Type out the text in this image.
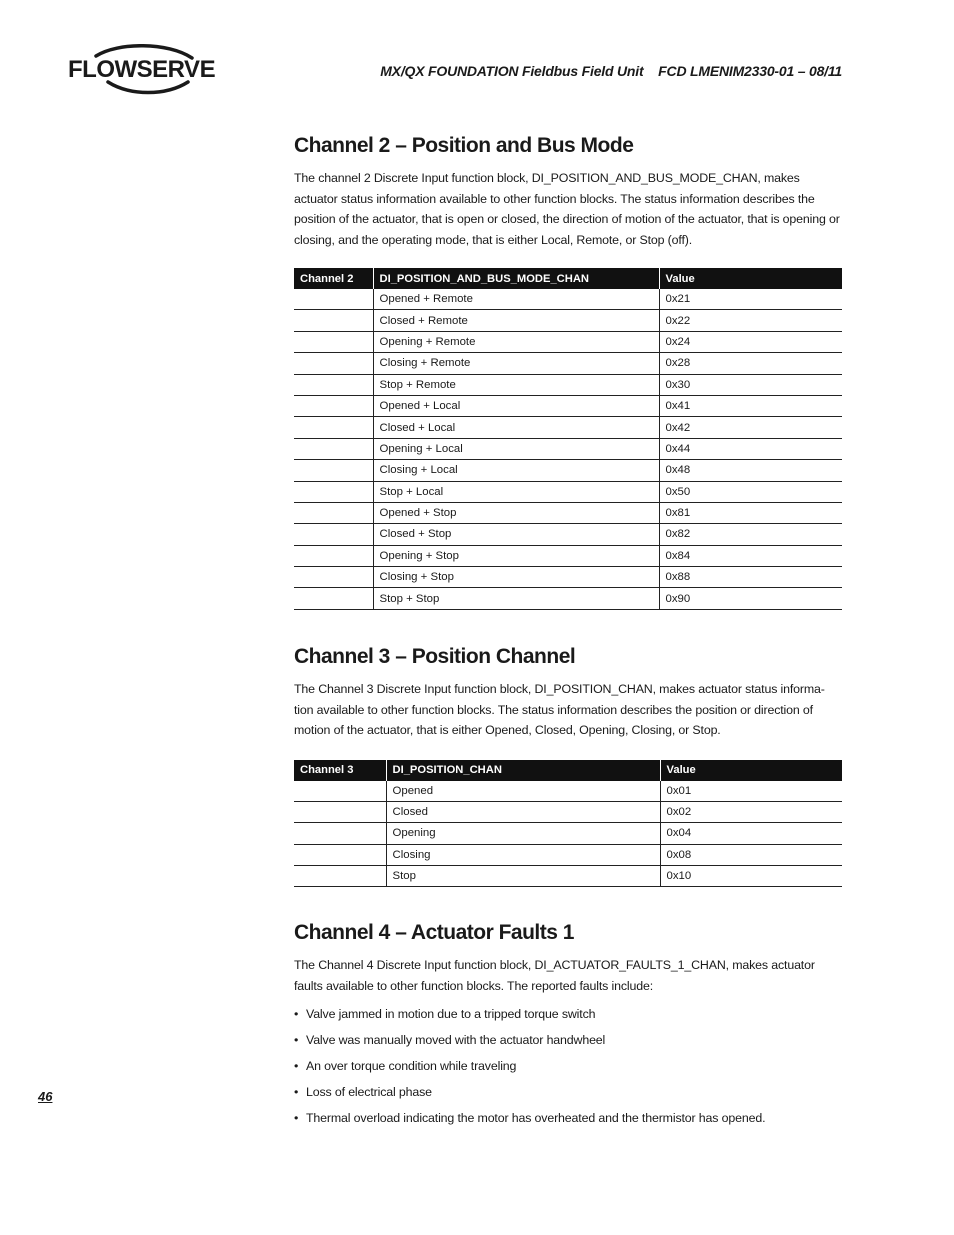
FLOWSERVE	MX/QX FOUNDATION Fieldbus Field Unit    FCD LMENIM2330-01 – 08/11
Channel 2 – Position and Bus Mode

The channel 2 Discrete Input function block, DI_POSITION_AND_BUS_MODE_CHAN, makes actuator status information available to other function blocks. The status information describes the position of the actuator, that is open or closed, the direction of motion of the actuator, that is opening or closing, and the operating mode, that is either Local, Remote, or Stop (off).

Channel 2	DI_POSITION_AND_BUS_MODE_CHAN	Value
	Opened + Remote	0x21
	Closed + Remote	0x22
	Opening + Remote	0x24
	Closing + Remote	0x28
	Stop + Remote	0x30
	Opened + Local	0x41
	Closed + Local	0x42
	Opening + Local	0x44
	Closing + Local	0x48
	Stop + Local	0x50
	Opened + Stop	0x81
	Closed + Stop	0x82
	Opening + Stop	0x84
	Closing + Stop	0x88
	Stop + Stop	0x90
Channel 3 – Position Channel

The Channel 3 Discrete Input function block, DI_POSITION_CHAN, makes actuator status informa-tion available to other function blocks. The status information describes the position or direction of motion of the actuator, that is either Opened, Closed, Opening, Closing, or Stop.

Channel 3	DI_POSITION_CHAN	Value
	Opened	0x01
	Closed	0x02
	Opening	0x04
	Closing	0x08
	Stop	0x10
Channel 4 – Actuator Faults 1

The Channel 4 Discrete Input function block, DI_ACTUATOR_FAULTS_1_CHAN, makes actuator faults available to other function blocks. The reported faults include:

• Valve jammed in motion due to a tripped torque switch
• Valve was manually moved with the actuator handwheel
• An over torque condition while traveling
• Loss of electrical phase
• Thermal overload indicating the motor has overheated and the thermistor has opened.
46
